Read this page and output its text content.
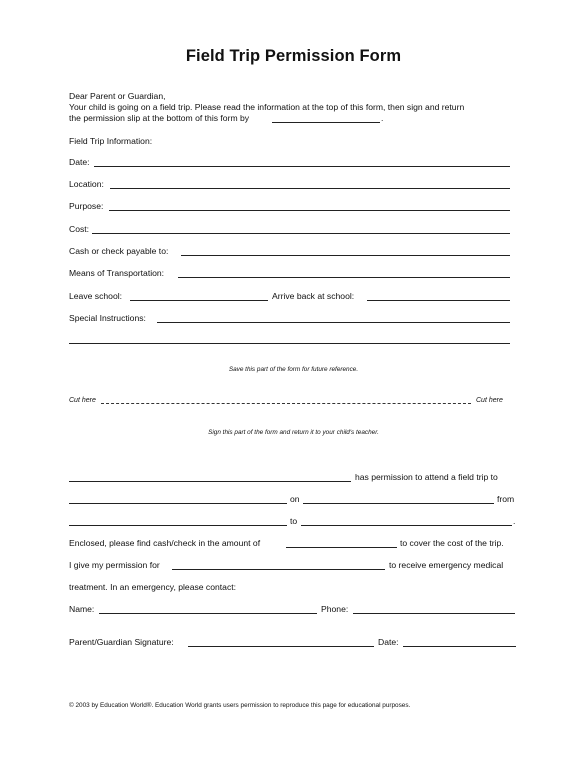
Field Trip Permission Form
Dear Parent or Guardian,
Your child is going on a field trip. Please read the information at the top of this form, then sign and return
the permission slip at the bottom of this form by	.
Field Trip Information:
Date:
Location:
Purpose:
Cost:
Cash or check payable to:
Means of Transportation:
Leave school:	Arrive back at school:
Special Instructions:
Save this part of the form for future reference.
Cut here	Cut here
Sign this part of the form and return it to your child's teacher.
has permission to attend a field trip to
on	from
to	.
Enclosed, please find cash/check in the amount of	to cover the cost of the trip.
I give my permission for	to receive emergency medical
treatment. In an emergency, please contact:
Name:	Phone:
Parent/Guardian Signature:	Date:
© 2003 by Education World®. Education World grants users permission to reproduce this page for educational purposes.
